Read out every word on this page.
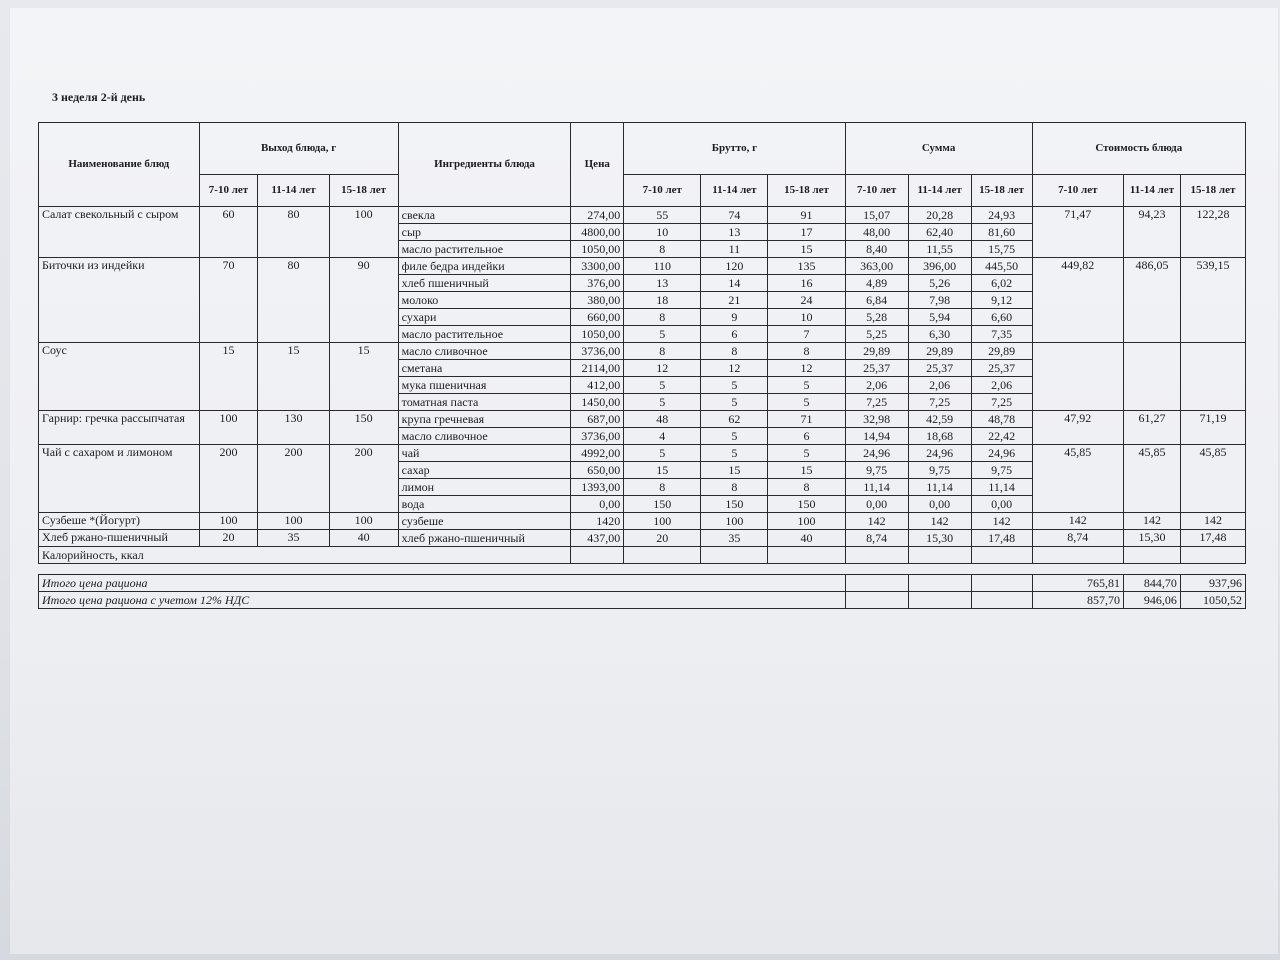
3 неделя 2-й день
Наименование блюд	Выход блюда, г			Ингредиенты блюда	Цена	Брутто, г			Сумма			Стоимость блюда		
	7-10 лет	11-14 лет	15-18 лет			7-10 лет	11-14 лет	15-18 лет	7-10 лет	11-14 лет	15-18 лет	7-10 лет	11-14 лет	15-18 лет
Салат свекольный с сыром	60	80	100	свекла	274,00	55	74	91	15,07	20,28	24,93	71,47	94,23	122,28
				сыр	4800,00	10	13	17	48,00	62,40	81,60			
				масло растительное	1050,00	8	11	15	8,40	11,55	15,75			
Биточки из индейки	70	80	90	филе бедра индейки	3300,00	110	120	135	363,00	396,00	445,50	449,82	486,05	539,15
				хлеб пшеничный	376,00	13	14	16	4,89	5,26	6,02			
				молоко	380,00	18	21	24	6,84	7,98	9,12			
				сухари	660,00	8	9	10	5,28	5,94	6,60			
				масло растительное	1050,00	5	6	7	5,25	6,30	7,35			
Соус	15	15	15	масло сливочное	3736,00	8	8	8	29,89	29,89	29,89			
				сметана	2114,00	12	12	12	25,37	25,37	25,37			
				мука пшеничная	412,00	5	5	5	2,06	2,06	2,06			
				томатная паста	1450,00	5	5	5	7,25	7,25	7,25			
Гарнир: гречка рассыпчатая	100	130	150	крупа гречневая	687,00	48	62	71	32,98	42,59	48,78	47,92	61,27	71,19
				масло сливочное	3736,00	4	5	6	14,94	18,68	22,42			
Чай с сахаром и лимоном	200	200	200	чай	4992,00	5	5	5	24,96	24,96	24,96	45,85	45,85	45,85
				сахар	650,00	15	15	15	9,75	9,75	9,75			
				лимон	1393,00	8	8	8	11,14	11,14	11,14			
				вода	0,00	150	150	150	0,00	0,00	0,00			
Сузбеше *(Йогурт)	100	100	100	сузбеше	1420	100	100	100	142	142	142	142	142	142
Хлеб ржано-пшеничный	20	35	40	хлеб ржано-пшеничный	437,00	20	35	40	8,74	15,30	17,48	8,74	15,30	17,48
Калорийность, ккал														

Итого цена рациона												765,81	844,70	937,96
Итого цена рациона с учетом 12% НДС												857,70	946,06	1050,52
